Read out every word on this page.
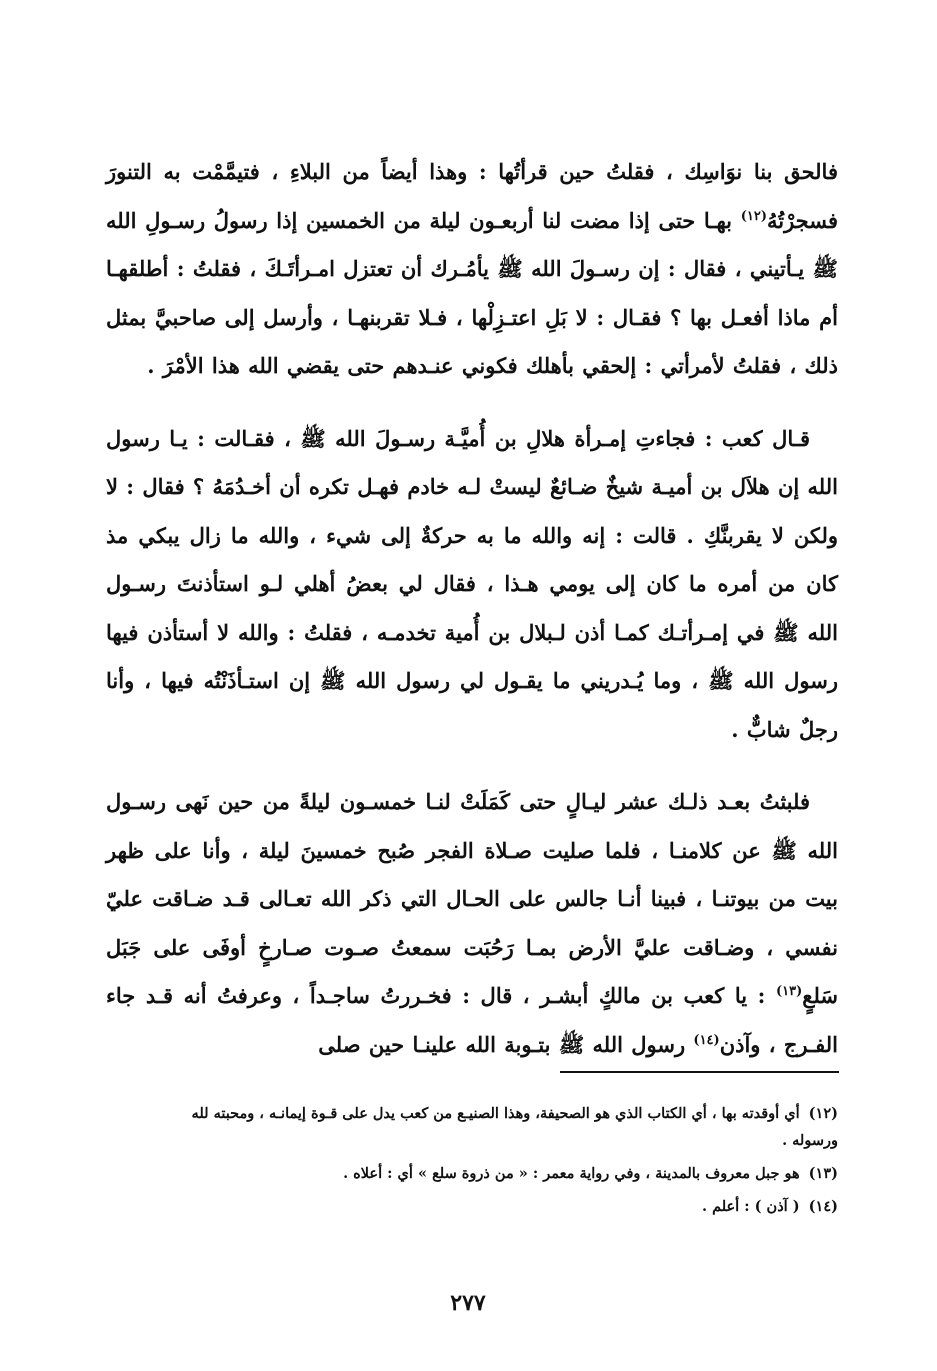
فالحق بنا نوَاسِك ، فقلتُ حين قرأتُها : وهذا أيضاً من البلاءِ ، فتيمَّمْت به التنورَ فسجرْتُهُ$^{(١٢)}$ بهـا حتى إذا مضت لنا أربعـون ليلة من الخمسين إذا رسولُ رسـولِ الله ﷺ يـأتيني ، فقال : إن رسـولَ الله ﷺ يأمُـرك أن تعتزل امـرأتَـكَ ، فقلتُ : أطلقهـا أم ماذا أفعـل بها ؟ فقـال : لا بَلِ اعتـزِلْها ، فـلا تقربنهـا ، وأرسل إلى صاحبيَّ بمثل ذلك ، فقلتُ لأمرأتي : إلحقي بأهلك فكوني عنـدهم حتى يقضي الله هذا الأمْرَ .

قـال كعب : فجاءتِ إمـرأة هلالِ بن أُميَّـة رسـولَ الله ﷺ ، فقـالت : يـا رسول الله إن هلاَل بن أميـة شيخٌ ضـائعٌ ليستْ لـه خادم فهـل تكره أن أخـدُمَهُ ؟ فقال : لا ولكن لا يقربنَّكِ . قالت : إنه والله ما به حركةٌ إلى شيء ، والله ما زال يبكي مذ كان من أمره ما كان إلى يومي هـذا ، فقال لي بعضُ أهلي لـو استأذنتَ رسـول الله ﷺ في إمـرأتـك كمـا أذن لـبلال بن أُمية تخدمـه ، فقلتُ : والله لا أستأذن فيها رسول الله ﷺ ، وما يُـدريني ما يقـول لي رسول الله ﷺ إن استـأذَنْتُه فيها ، وأنا رجلٌ شابٌّ .

فلبثتُ بعـد ذلـك عشر ليـالٍ حتى كَمَلَتْ لنـا خمسـون ليلةً من حين نَهى رسـول الله ﷺ عن كلامنـا ، فلما صليت صـلاة الفجر صُبح خمسينَ ليلة ، وأنا على ظهر بيت من بيوتنـا ، فبينا أنـا جالس على الحـال التي ذكر الله تعـالى قـد ضـاقت عليّ نفسي ، وضـاقت عليَّ الأرض بمـا رَحُبَت سمعتُ صـوت صـارخٍ أوفَى على جَبَل سَلعٍ$^{(١٣)}$ : يا كعب بن مالكٍ أبشـر ، قال : فخـررتُ ساجـداً ، وعرفتُ أنه قـد جاء الفـرج ، وآذن$^{(١٤)}$ رسول الله ﷺ بتـوبة الله علينـا حين صلى

(١٢) أي أوقدته بها ، أي الكتاب الذي هو الصحيفة، وهذا الصنيـع من كعب يدل على قـوة إيمانـه ، ومحبته لله ورسوله .

(١٣) هو جبل معروف بالمدينة ، وفي رواية معمر : « من ذروة سلع » أي : أعلاه .

(١٤) ( آذن ) : أعلم .

٢٧٧
